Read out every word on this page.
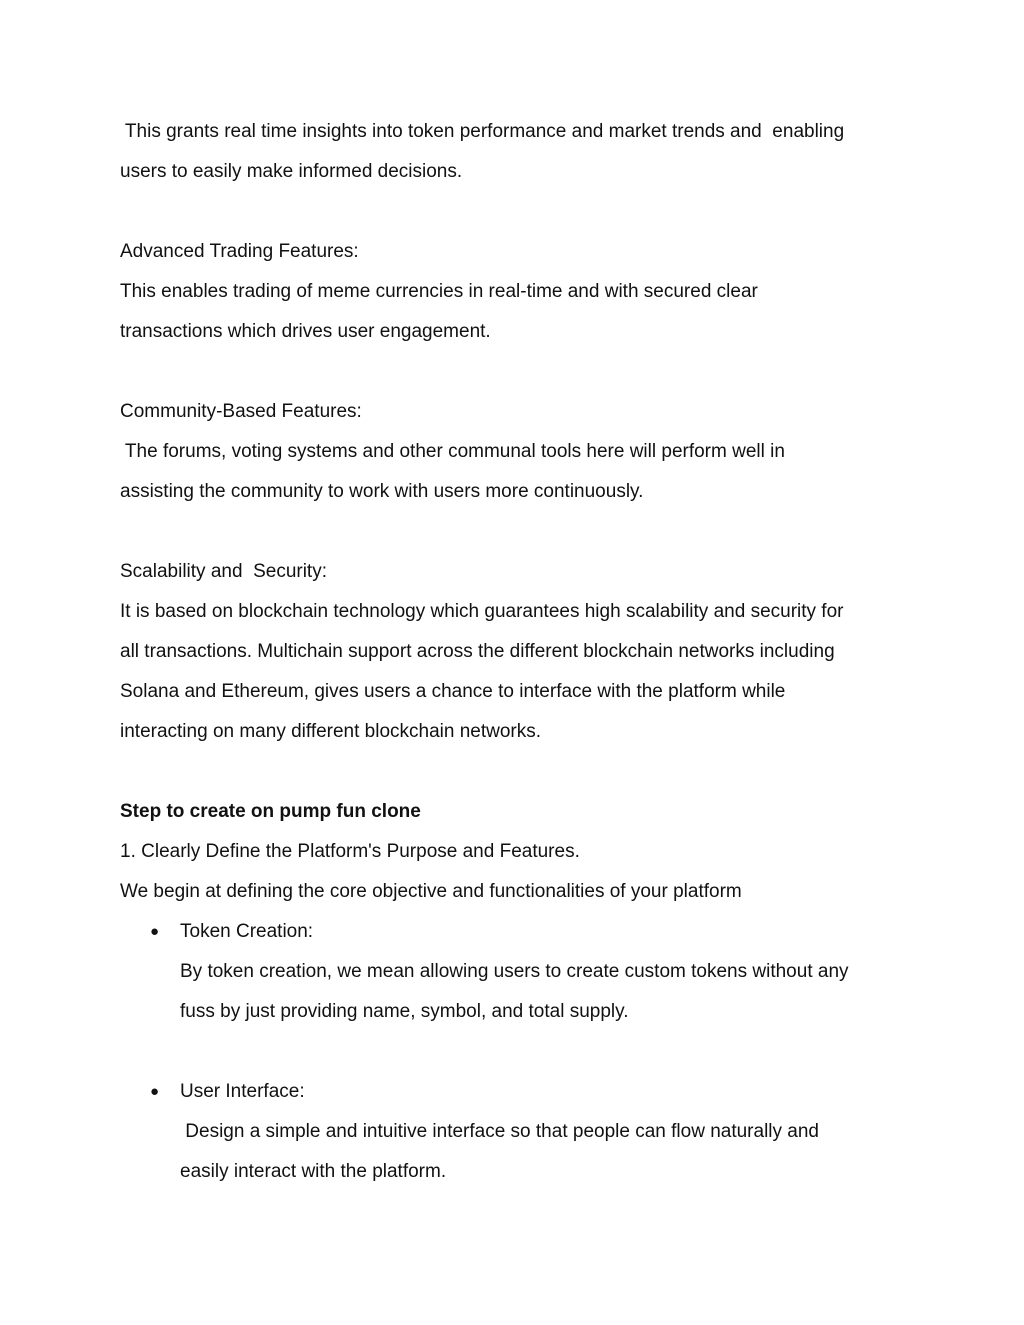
This grants real time insights into token performance and market trends and  enabling
users to easily make informed decisions.
Advanced Trading Features:
This enables trading of meme currencies in real-time and with secured clear
transactions which drives user engagement.
Community-Based Features:
The forums, voting systems and other communal tools here will perform well in
assisting the community to work with users more continuously.
Scalability and  Security:
It is based on blockchain technology which guarantees high scalability and security for
all transactions. Multichain support across the different blockchain networks including
Solana and Ethereum, gives users a chance to interface with the platform while
interacting on many different blockchain networks.
Step to create on pump fun clone
1. Clearly Define the Platform's Purpose and Features.
We begin at defining the core objective and functionalities of your platform
●	Token Creation:
By token creation, we mean allowing users to create custom tokens without any
fuss by just providing name, symbol, and total supply.
●	User Interface:
Design a simple and intuitive interface so that people can flow naturally and
easily interact with the platform.
